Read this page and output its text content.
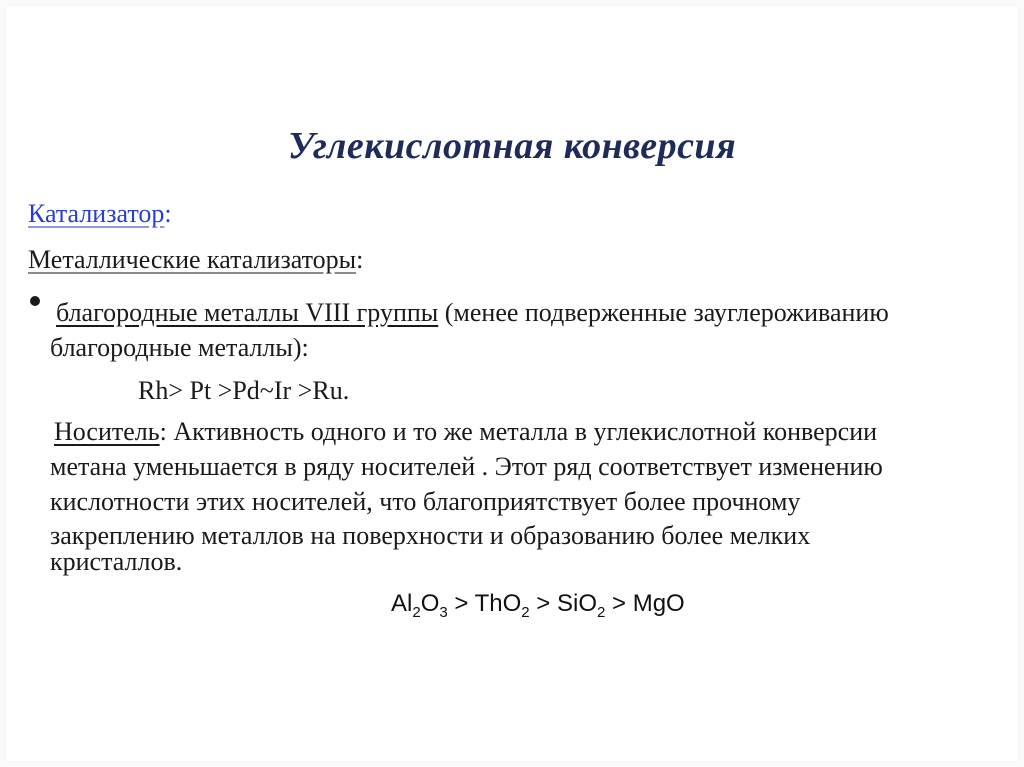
Углекислотная конверсия
Катализатор:
Металлические катализаторы:
благородные металлы VIII группы (менее подверженные зауглероживанию
благородные металлы):
Rh> Pt >Pd~Ir >Ru.
Носитель: Активность одного и то же металла в углекислотной конверсии
метана уменьшается в ряду носителей . Этот ряд соответствует изменению
кислотности этих носителей, что благоприятствует более прочному
закреплению металлов на поверхности и образованию более мелких
кристаллов.
$Al_2O_3 > ThO_2 > SiO_2$ > MgO
